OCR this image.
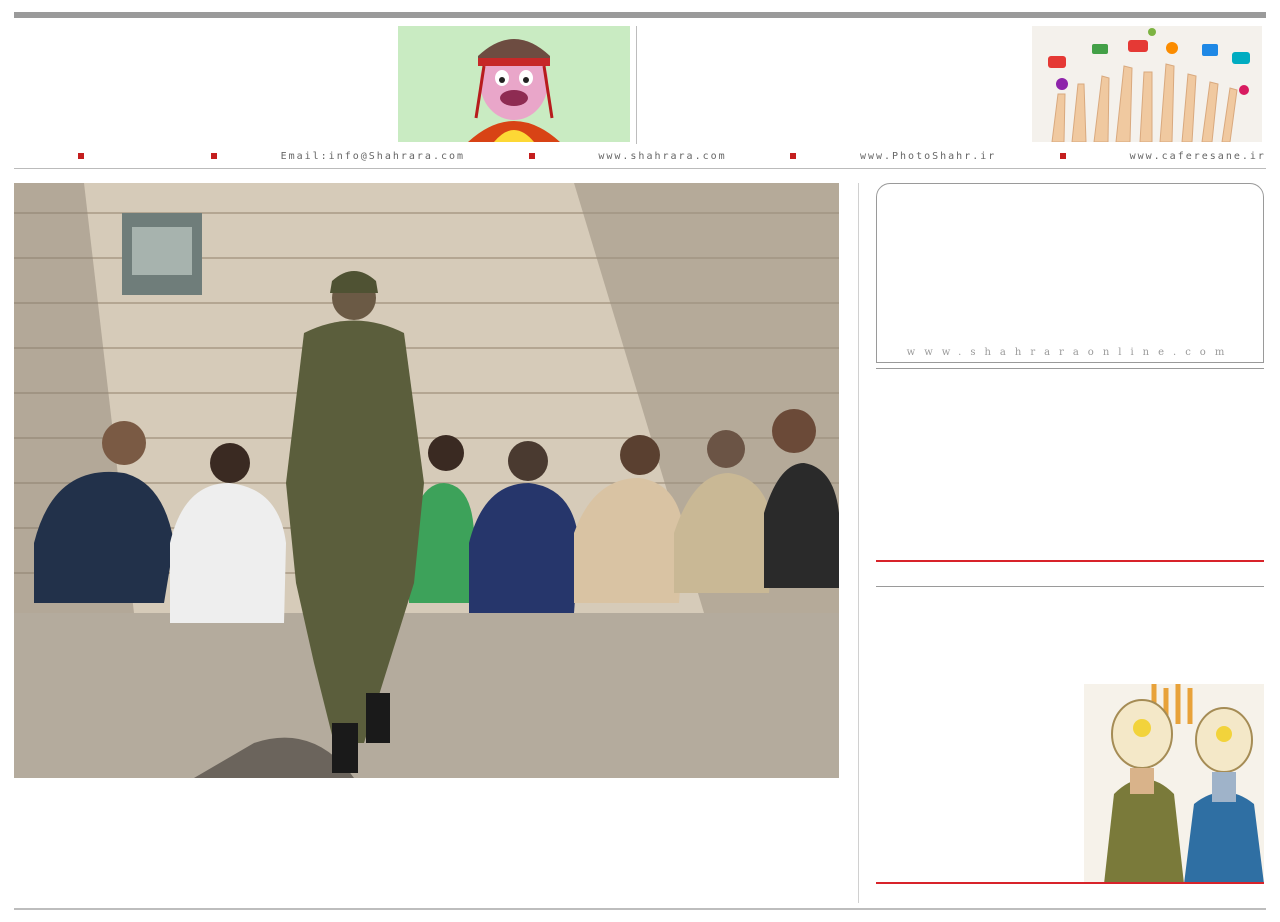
Email:info@Shahrara.com	www.shahrara.com	www.PhotoShahr.ir	www.caferesane.ir
www.shahraraonline.com
